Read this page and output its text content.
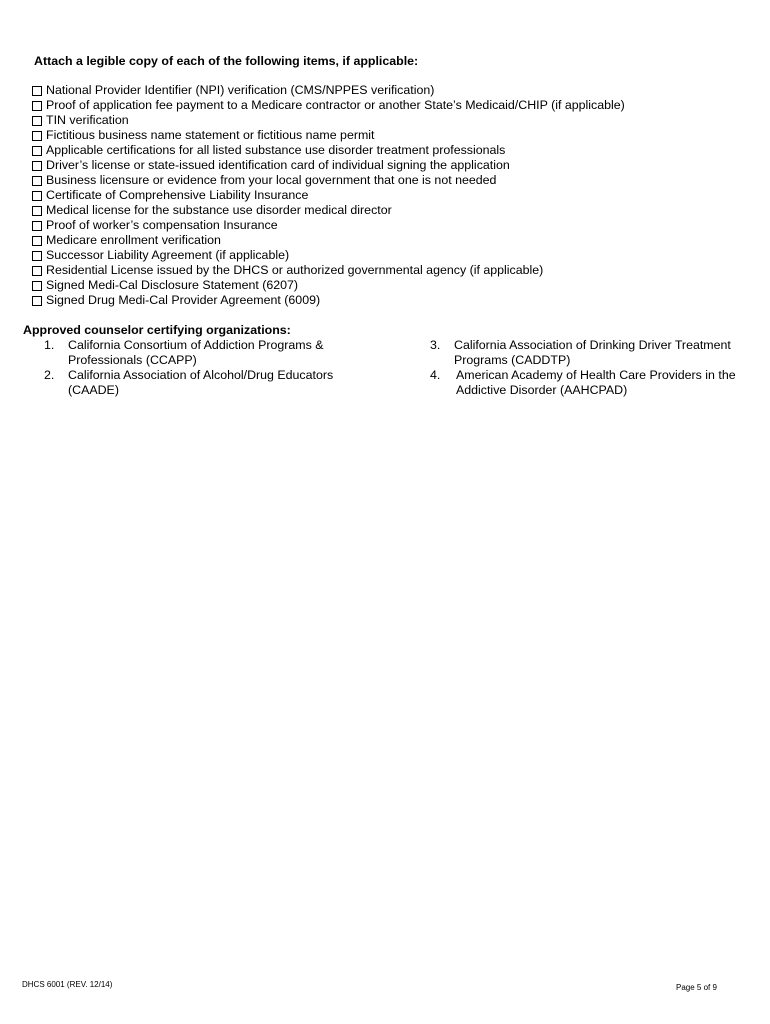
Attach a legible copy of each of the following items, if applicable:
National Provider Identifier (NPI) verification (CMS/NPPES verification)
Proof of application fee payment to a Medicare contractor or another State’s Medicaid/CHIP (if applicable)
TIN verification
Fictitious business name statement or fictitious name permit
Applicable certifications for all listed substance use disorder treatment professionals
Driver’s license or state-issued identification card of individual signing the application
Business licensure or evidence from your local government that one is not needed
Certificate of Comprehensive Liability Insurance
Medical license for the substance use disorder medical director
Proof of worker’s compensation Insurance
Medicare enrollment verification
Successor Liability Agreement (if applicable)
Residential License issued by the DHCS or authorized governmental agency (if applicable)
Signed Medi-Cal Disclosure Statement (6207)
Signed Drug Medi-Cal Provider Agreement (6009)
Approved counselor certifying organizations:
1.	California Consortium of Addiction Programs & Professionals (CCAPP)
2.	California Association of Alcohol/Drug Educators (CAADE)
3.	California Association of Drinking Driver Treatment Programs (CADDTP)
4.	American Academy of Health Care Providers in the Addictive Disorder (AAHCPAD)
DHCS 6001 (REV. 12/14)	Page 5 of 9
